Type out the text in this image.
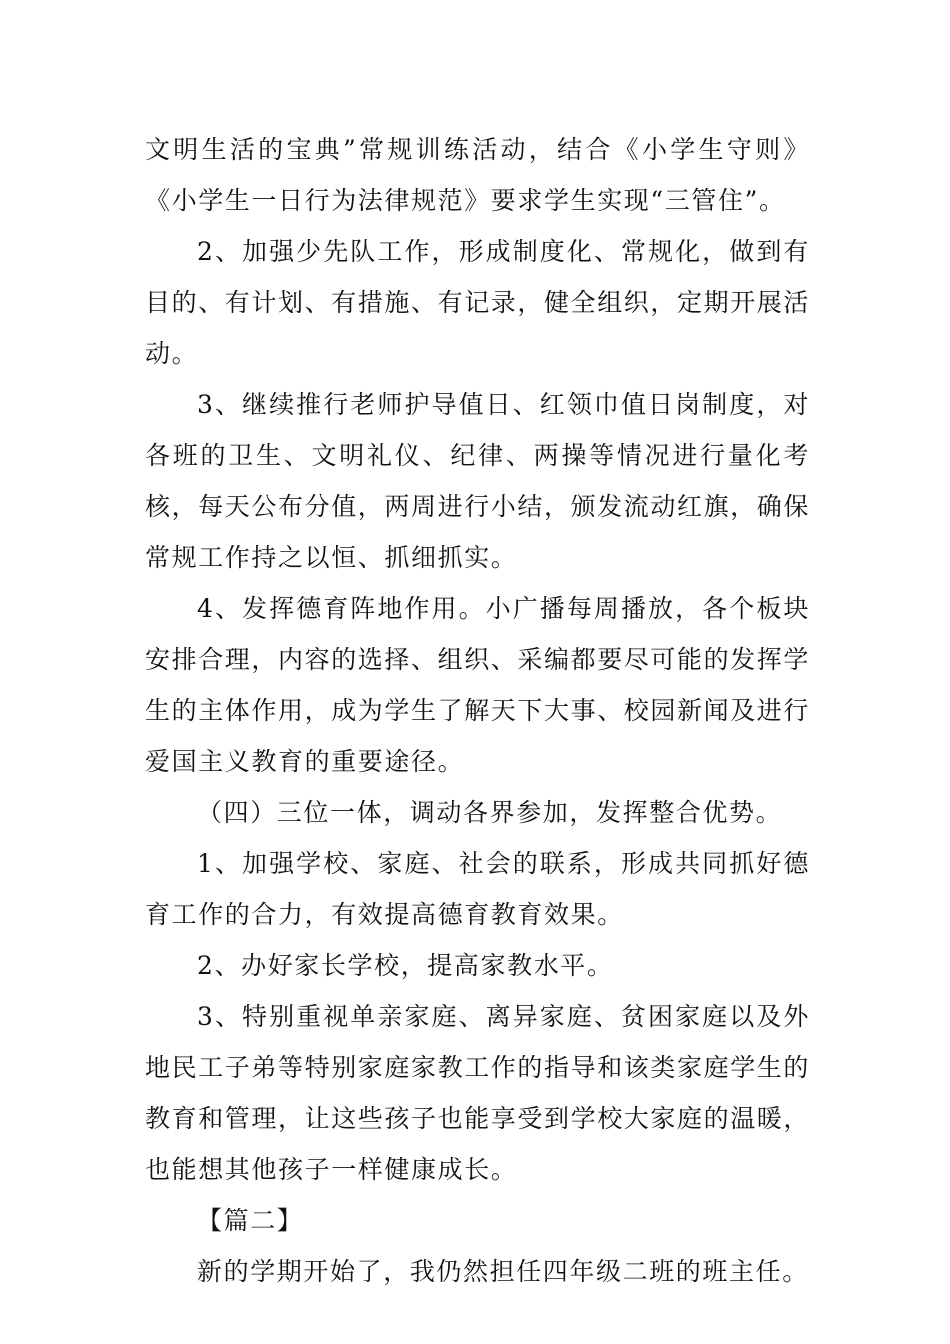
文明生活的宝典”常规训练活动，结合《小学生守则》《小学生一日行为法律规范》要求学生实现“三管住”。

2、加强少先队工作，形成制度化、常规化，做到有目的、有计划、有措施、有记录，健全组织，定期开展活动。

3、继续推行老师护导值日、红领巾值日岗制度，对各班的卫生、文明礼仪、纪律、两操等情况进行量化考核，每天公布分值，两周进行小结，颁发流动红旗，确保常规工作持之以恒、抓细抓实。

4、发挥德育阵地作用。小广播每周播放，各个板块安排合理，内容的选择、组织、采编都要尽可能的发挥学生的主体作用，成为学生了解天下大事、校园新闻及进行爱国主义教育的重要途径。

（四）三位一体，调动各界参加，发挥整合优势。

1、加强学校、家庭、社会的联系，形成共同抓好德育工作的合力，有效提高德育教育效果。

2、办好家长学校，提高家教水平。

3、特别重视单亲家庭、离异家庭、贫困家庭以及外地民工子弟等特别家庭家教工作的指导和该类家庭学生的教育和管理，让这些孩子也能享受到学校大家庭的温暖，也能想其他孩子一样健康成长。

【篇二】

新的学期开始了，我仍然担任四年级二班的班主任。
